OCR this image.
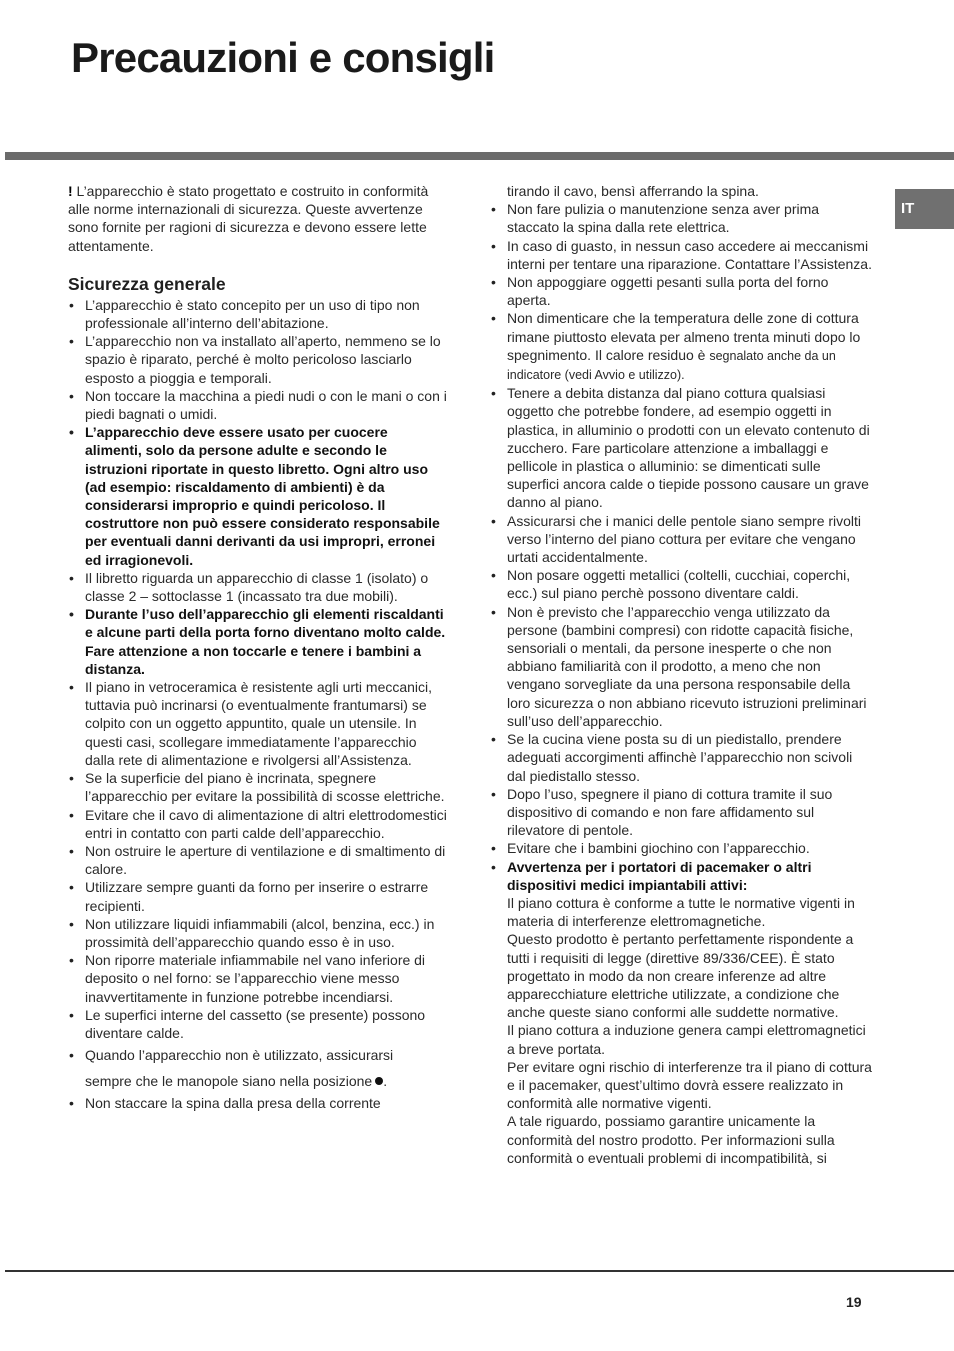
Precauzioni e consigli
IT

! L’apparecchio è stato progettato e costruito in conformità alle norme internazionali di sicurezza. Queste avvertenze sono fornite per ragioni di sicurezza e devono essere lette attentamente.

Sicurezza generale
• L’apparecchio è stato concepito per un uso di tipo non professionale all’interno dell’abitazione.
• L’apparecchio non va installato all’aperto, nemmeno se lo spazio è riparato, perché è molto pericoloso lasciarlo esposto a pioggia e temporali.
• Non toccare la macchina a piedi nudi o con le mani o con i piedi bagnati o umidi.
• L’apparecchio deve essere usato per cuocere alimenti, solo da persone adulte e secondo le istruzioni riportate in questo libretto. Ogni altro uso (ad esempio: riscaldamento di ambienti) è da considerarsi improprio e quindi pericoloso. Il costruttore non può essere considerato responsabile per eventuali danni derivanti da usi impropri, erronei ed irragionevoli.
• Il libretto riguarda un apparecchio di classe 1 (isolato) o classe 2 – sottoclasse 1 (incassato tra due mobili).
• Durante l’uso dell’apparecchio gli elementi riscaldanti e alcune parti della porta forno diventano molto calde. Fare attenzione a non toccarle e tenere i bambini a distanza.
• Il piano in vetroceramica è resistente agli urti meccanici, tuttavia può incrinarsi (o eventualmente frantumarsi) se colpito con un oggetto appuntito, quale un utensile. In questi casi, scollegare immediatamente l’apparecchio dalla rete di alimentazione e rivolgersi all’Assistenza.
• Se la superficie del piano è incrinata, spegnere l’apparecchio per evitare la possibilità di scosse elettriche.
• Evitare che il cavo di alimentazione di altri elettrodomestici entri in contatto con parti calde dell’apparecchio.
• Non ostruire le aperture di ventilazione e di smaltimento di calore.
• Utilizzare sempre guanti da forno per inserire o estrarre recipienti.
• Non utilizzare liquidi infiammabili (alcol, benzina, ecc.) in prossimità dell’apparecchio quando esso è in uso.
• Non riporre materiale infiammabile nel vano inferiore di deposito o nel forno: se l’apparecchio viene messo inavvertitamente in funzione potrebbe incendiarsi.
• Le superfici interne del cassetto (se presente) possono diventare calde.
• Quando l’apparecchio non è utilizzato, assicurarsi
sempre che le manopole siano nella posizione .
• Non staccare la spina dalla presa della corrente
tirando il cavo, bensì afferrando la spina.
• Non fare pulizia o manutenzione senza aver prima staccato la spina dalla rete elettrica.
• In caso di guasto, in nessun caso accedere ai meccanismi interni per tentare una riparazione. Contattare l’Assistenza.
• Non appoggiare oggetti pesanti sulla porta del forno aperta.
• Non dimenticare che la temperatura delle zone di cottura rimane piuttosto elevata per almeno trenta minuti dopo lo spegnimento. Il calore residuo è segnalato anche da un indicatore (vedi Avvio e utilizzo).
• Tenere a debita distanza dal piano cottura qualsiasi oggetto che potrebbe fondere, ad esempio oggetti in plastica, in alluminio o prodotti con un elevato contenuto di zucchero. Fare particolare attenzione a imballaggi e pellicole in plastica o alluminio: se dimenticati sulle superfici ancora calde o tiepide possono causare un grave danno al piano.
• Assicurarsi che i manici delle pentole siano sempre rivolti verso l’interno del piano cottura per evitare che vengano urtati accidentalmente.
• Non posare oggetti metallici (coltelli, cucchiai, coperchi, ecc.) sul piano perchè possono diventare caldi.
• Non è previsto che l’apparecchio venga utilizzato da persone (bambini compresi) con ridotte capacità fisiche, sensoriali o mentali, da persone inesperte o che non abbiano familiarità con il prodotto, a meno che non vengano sorvegliate da una persona responsabile della loro sicurezza o non abbiano ricevuto istruzioni preliminari sull’uso dell’apparecchio.
• Se la cucina viene posta su di un piedistallo, prendere adeguati accorgimenti affinchè l’apparecchio non scivoli dal piedistallo stesso.
• Dopo l’uso, spegnere il piano di cottura tramite il suo dispositivo di comando e non fare affidamento sul rilevatore di pentole.
• Evitare che i bambini giochino con l’apparecchio.
• Avvertenza per i portatori di pacemaker o altri dispositivi medici impiantabili attivi:
Il piano cottura è conforme a tutte le normative vigenti in materia di interferenze elettromagnetiche.
Questo prodotto è pertanto perfettamente rispondente a tutti i requisiti di legge (direttive 89/336/CEE). È stato progettato in modo da non creare inferenze ad altre apparecchiature elettriche utilizzate, a condizione che anche queste siano conformi alle suddette normative.
Il piano cottura a induzione genera campi elettromagnetici a breve portata.
Per evitare ogni rischio di interferenze tra il piano di cottura e il pacemaker, quest’ultimo dovrà essere realizzato in conformità alle normative vigenti.
A tale riguardo, possiamo garantire unicamente la conformità del nostro prodotto. Per informazioni sulla conformità o eventuali problemi di incompatibilità, si
19
